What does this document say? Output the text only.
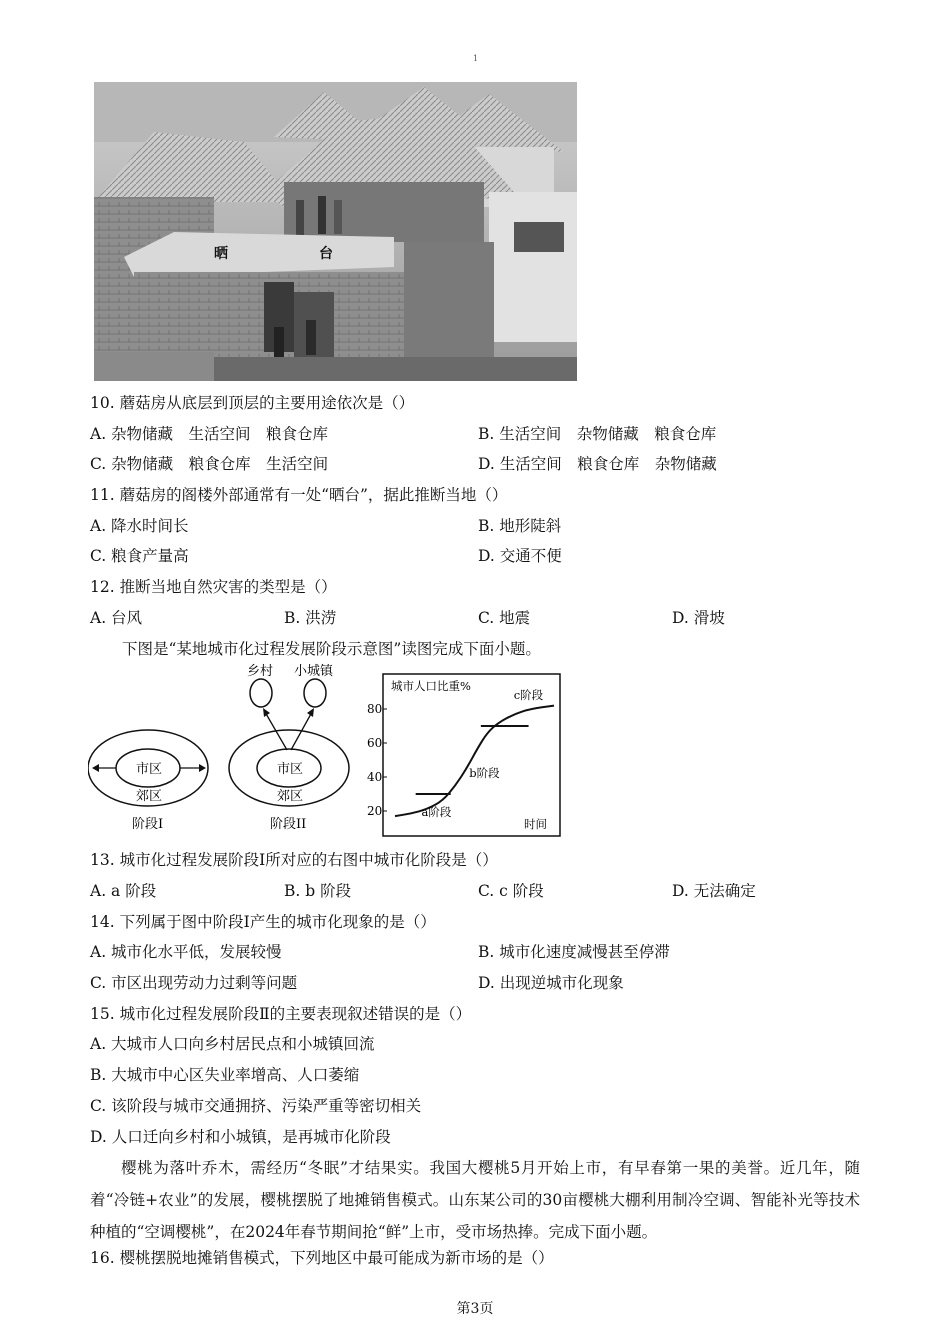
1
晒	台
10. 蘑菇房从底层到顶层的主要用途依次是（）
A. 杂物储藏　生活空间　粮食仓库	B. 生活空间　杂物储藏　粮食仓库
C. 杂物储藏　粮食仓库　生活空间	D. 生活空间　粮食仓库　杂物储藏
11. 蘑菇房的阁楼外部通常有一处“晒台”，据此推断当地（）
A. 降水时间长	B. 地形陡斜
C. 粮食产量高	D. 交通不便
12. 推断当地自然灾害的类型是（）
A. 台风	B. 洪涝	C. 地震	D. 滑坡
下图是“某地城市化过程发展阶段示意图”读图完成下面小题。
市区
郊区
阶段I
市区
郊区
阶段II
乡村 小城镇
城市人口比重%
时间
20
40
60
80
a阶段
b阶段
c阶段
13. 城市化过程发展阶段Ⅰ所对应的右图中城市化阶段是（）
A. a 阶段	B. b 阶段	C. c 阶段	D. 无法确定
14. 下列属于图中阶段Ⅰ产生的城市化现象的是（）
A. 城市化水平低，发展较慢	B. 城市化速度减慢甚至停滞
C. 市区出现劳动力过剩等问题	D. 出现逆城市化现象
15. 城市化过程发展阶段Ⅱ的主要表现叙述错误的是（）
A. 大城市人口向乡村居民点和小城镇回流
B. 大城市中心区失业率增高、人口萎缩
C. 该阶段与城市交通拥挤、污染严重等密切相关
D. 人口迁向乡村和小城镇，是再城市化阶段
樱桃为落叶乔木，需经历“冬眠”才结果实。我国大樱桃5月开始上市，有早春第一果的美誉。近几年，随着“冷链+农业”的发展，樱桃摆脱了地摊销售模式。山东某公司的30亩樱桃大棚利用制冷空调、智能补光等技术种植的“空调樱桃”，在2024年春节期间抢“鲜”上市，受市场热捧。完成下面小题。
16. 樱桃摆脱地摊销售模式，下列地区中最可能成为新市场的是（）
第3页
